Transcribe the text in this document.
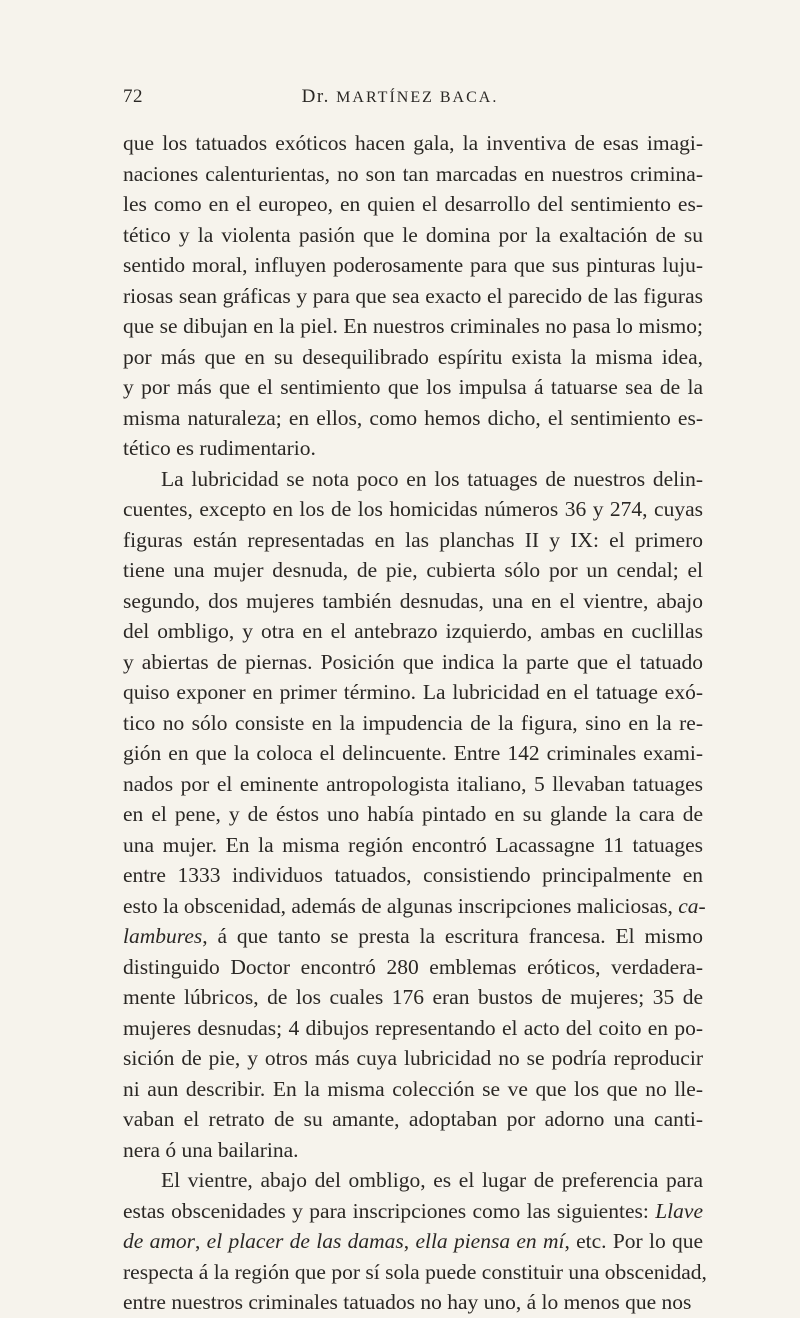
72	Dr. MARTÍNEZ BACA.
que los tatuados exóticos hacen gala, la inventiva de esas imagi-
naciones calenturientas, no son tan marcadas en nuestros crimina-
les como en el europeo, en quien el desarrollo del sentimiento es-
tético y la violenta pasión que le domina por la exaltación de su
sentido moral, influyen poderosamente para que sus pinturas luju-
riosas sean gráficas y para que sea exacto el parecido de las figuras
que se dibujan en la piel. En nuestros criminales no pasa lo mismo;
por más que en su desequilibrado espíritu exista la misma idea,
y por más que el sentimiento que los impulsa á tatuarse sea de la
misma naturaleza; en ellos, como hemos dicho, el sentimiento es-
tético es rudimentario.
La lubricidad se nota poco en los tatuages de nuestros delin-
cuentes, excepto en los de los homicidas números 36 y 274, cuyas
figuras están representadas en las planchas II y IX: el primero
tiene una mujer desnuda, de pie, cubierta sólo por un cendal; el
segundo, dos mujeres también desnudas, una en el vientre, abajo
del ombligo, y otra en el antebrazo izquierdo, ambas en cuclillas
y abiertas de piernas. Posición que indica la parte que el tatuado
quiso exponer en primer término. La lubricidad en el tatuage exó-
tico no sólo consiste en la impudencia de la figura, sino en la re-
gión en que la coloca el delincuente. Entre 142 criminales exami-
nados por el eminente antropologista italiano, 5 llevaban tatuages
en el pene, y de éstos uno había pintado en su glande la cara de
una mujer. En la misma región encontró Lacassagne 11 tatuages
entre 1333 individuos tatuados, consistiendo principalmente en
esto la obscenidad, además de algunas inscripciones maliciosas, ca-
lambures, á que tanto se presta la escritura francesa. El mismo
distinguido Doctor encontró 280 emblemas eróticos, verdadera-
mente lúbricos, de los cuales 176 eran bustos de mujeres; 35 de
mujeres desnudas; 4 dibujos representando el acto del coito en po-
sición de pie, y otros más cuya lubricidad no se podría reproducir
ni aun describir. En la misma colección se ve que los que no lle-
vaban el retrato de su amante, adoptaban por adorno una canti-
nera ó una bailarina.
El vientre, abajo del ombligo, es el lugar de preferencia para
estas obscenidades y para inscripciones como las siguientes: Llave
de amor, el placer de las damas, ella piensa en mí, etc. Por lo que
respecta á la región que por sí sola puede constituir una obscenidad,
entre nuestros criminales tatuados no hay uno, á lo menos que nos
